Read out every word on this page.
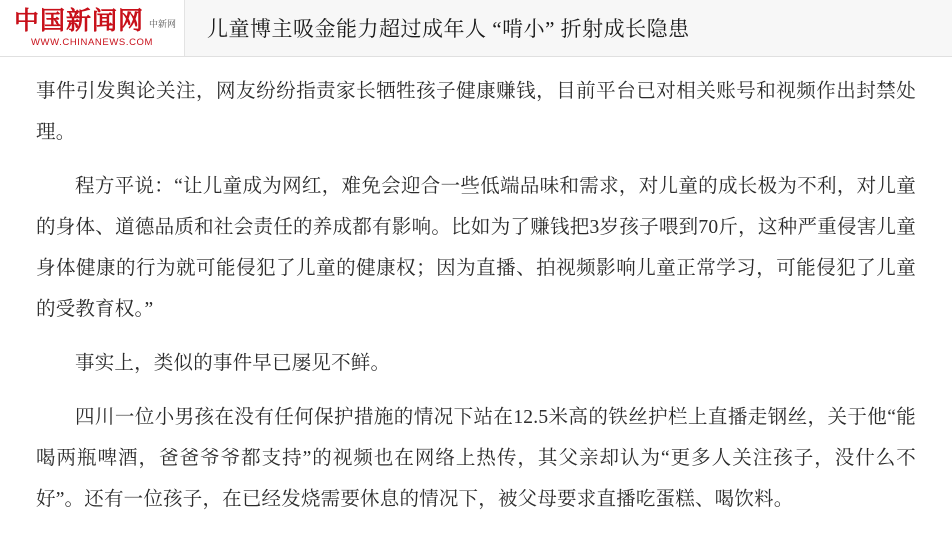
中国新闻网 中新网
WWW.CHINANEWS.COM
儿童博主吸金能力超过成年人 “啃小” 折射成长隐患

事件引发舆论关注，网友纷纷指责家长牺牲孩子健康赚钱，目前平台已对相关账号和视频作出封禁处理。

程方平说：“让儿童成为网红，难免会迎合一些低端品味和需求，对儿童的成长极为不利，对儿童的身体、道德品质和社会责任的养成都有影响。比如为了赚钱把3岁孩子喂到70斤，这种严重侵害儿童身体健康的行为就可能侵犯了儿童的健康权；因为直播、拍视频影响儿童正常学习，可能侵犯了儿童的受教育权。”

事实上，类似的事件早已屡见不鲜。

四川一位小男孩在没有任何保护措施的情况下站在12.5米高的铁丝护栏上直播走钢丝，关于他“能喝两瓶啤酒，爸爸爷爷都支持”的视频也在网络上热传，其父亲却认为“更多人关注孩子，没什么不好”。还有一位孩子，在已经发烧需要休息的情况下，被父母要求直播吃蛋糕、喝饮料。
